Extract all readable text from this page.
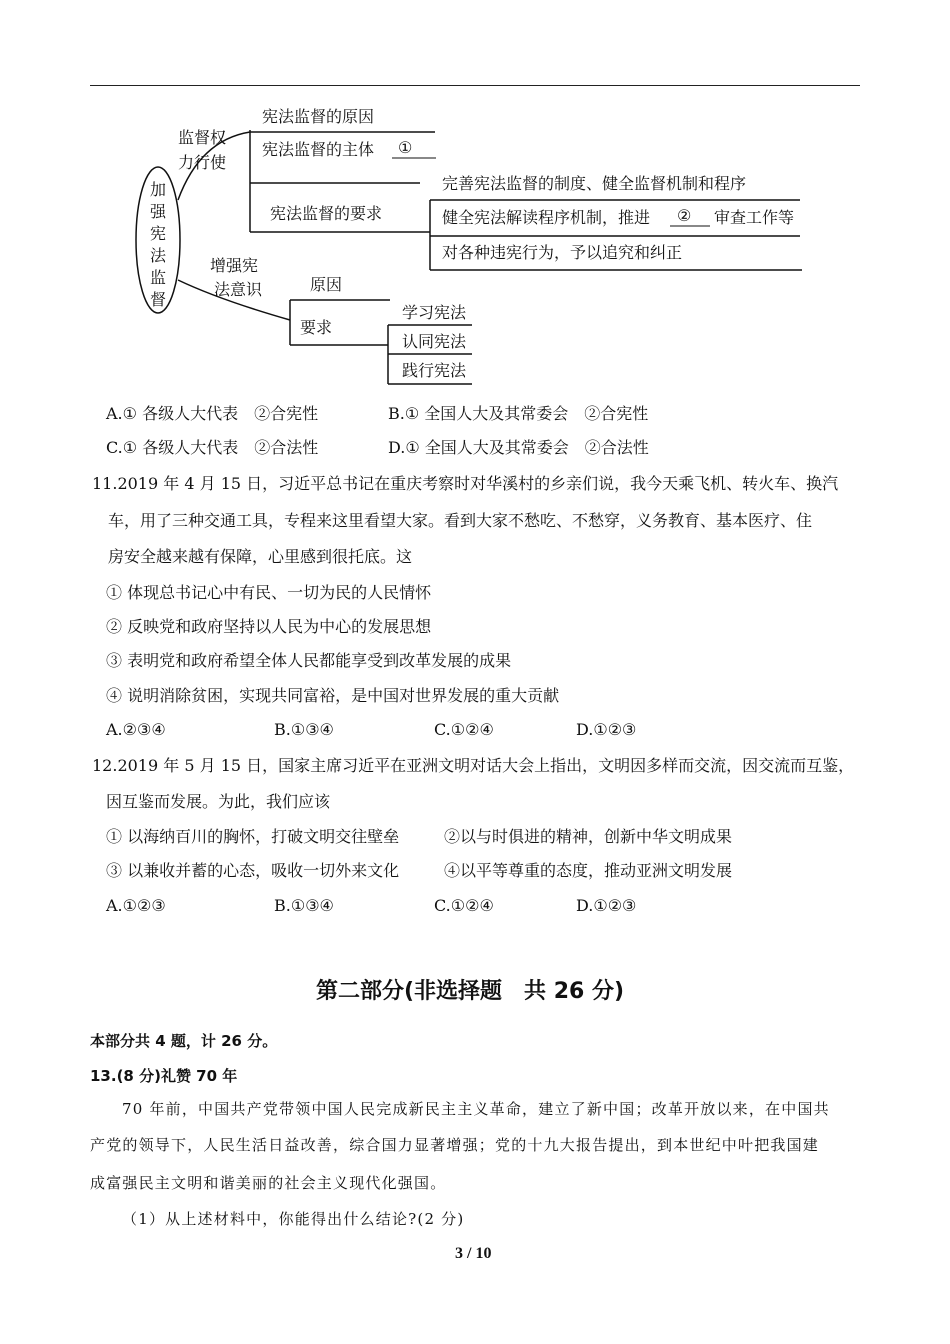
加
强
宪
法
监
督
监督权
力行使
宪法监督的原因
宪法监督的主体 ①
宪法监督的要求
完善宪法监督的制度、健全监督机制和程序
健全宪法解读程序机制，推进 ② 审查工作等
对各种违宪行为，予以追究和纠正
增强宪
法意识	原因
要求
学习宪法
认同宪法
践行宪法
A.① 各级人大代表　②合宪性	B.① 全国人大及其常委会　②合宪性
C.① 各级人大代表　②合法性	D.① 全国人大及其常委会　②合法性
11.2019 年 4 月 15 日，习近平总书记在重庆考察时对华溪村的乡亲们说，我今天乘飞机、转火车、换汽
车，用了三种交通工具，专程来这里看望大家。看到大家不愁吃、不愁穿，义务教育、基本医疗、住
房安全越来越有保障，心里感到很托底。这
① 体现总书记心中有民、一切为民的人民情怀
② 反映党和政府坚持以人民为中心的发展思想
③ 表明党和政府希望全体人民都能享受到改革发展的成果
④ 说明消除贫困，实现共同富裕，是中国对世界发展的重大贡献
A.②③④	B.①③④	C.①②④	D.①②③
12.2019 年 5 月 15 日，国家主席习近平在亚洲文明对话大会上指出，文明因多样而交流，因交流而互鉴，
因互鉴而发展。为此，我们应该
① 以海纳百川的胸怀，打破文明交往壁垒	②以与时俱进的精神，创新中华文明成果
③ 以兼收并蓄的心态，吸收一切外来文化	④以平等尊重的态度，推动亚洲文明发展
A.①②③	B.①③④	C.①②④	D.①②③
第二部分(非选择题　共 26 分)
本部分共 4 题，计 26 分。
13.(8 分)礼赞 70 年
70 年前，中国共产党带领中国人民完成新民主主义革命，建立了新中国；改革开放以来，在中国共
产党的领导下，人民生活日益改善，综合国力显著增强；党的十九大报告提出，到本世纪中叶把我国建
成富强民主文明和谐美丽的社会主义现代化强国。
（1）从上述材料中，你能得出什么结论?(2 分)
3 / 10
